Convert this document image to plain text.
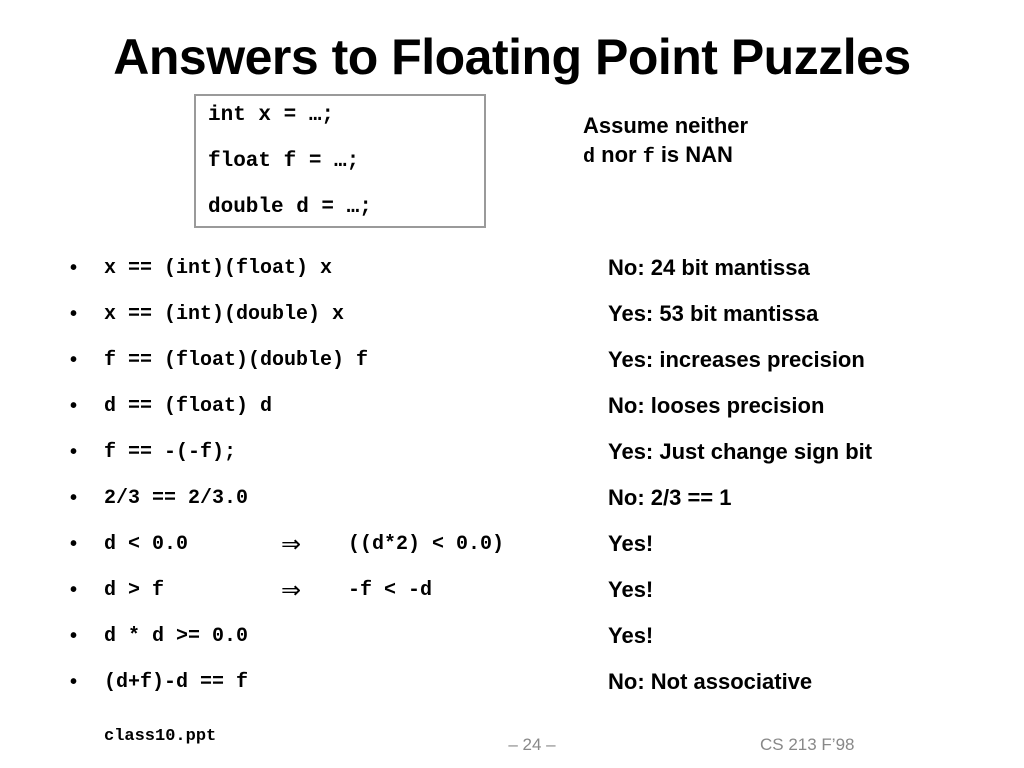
Answers to Floating Point Puzzles
int x = …;
float f = …;
double d = …;
Assume neither
d nor f is NAN
• x == (int)(float) x	No: 24 bit mantissa
• x == (int)(double) x	Yes: 53 bit mantissa
• f == (float)(double) f	Yes: increases precision
• d == (float) d	No: looses precision
• f == -(-f);	Yes: Just change sign bit
• 2/3 == 2/3.0	No: 2/3 == 1
• d < 0.0	⇒ ((d*2) < 0.0)	Yes!
• d > f	⇒ -f < -d	Yes!
• d * d >= 0.0	Yes!
• (d+f)-d == f	No: Not associative
class10.ppt	– 24 –	CS 213 F’98
